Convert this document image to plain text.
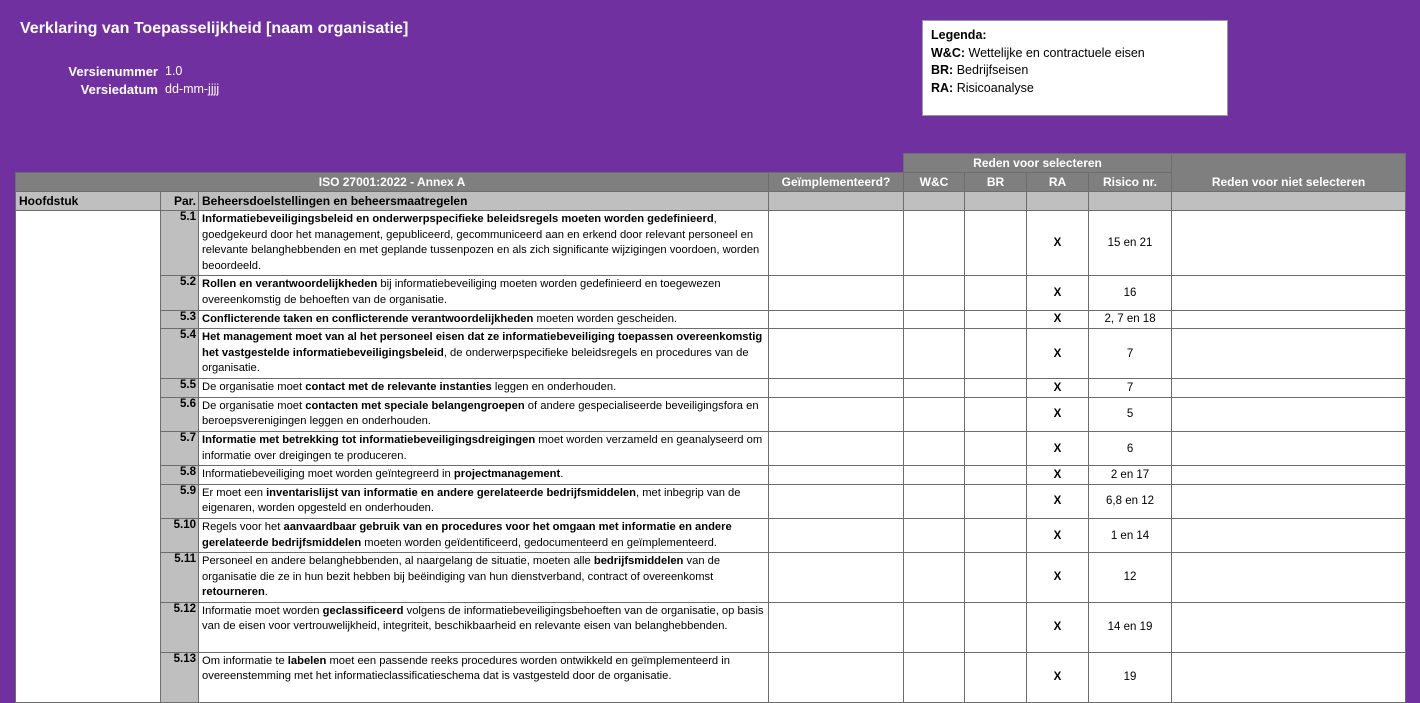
Verklaring van Toepasselijkheid [naam organisatie]
Versienummer 1.0
Versiedatum dd-mm-jjjj
Legenda:
W&C: Wettelijke en contractuele eisen
BR: Bedrijfseisen
RA: Risicoanalyse
				Reden voor selecteren				Reden voor niet selecteren
ISO 27001:2022 - Annex A			Geïmplementeerd?	W&C	BR	RA	Risico nr.	
Hoofdstuk	Par.	Beheersdoelstellingen en beheersmaatregelen						
	5.1	Informatiebeveiligingsbeleid en onderwerpspecifieke beleidsregels moeten worden gedefinieerd, goedgekeurd door het management, gepubliceerd, gecommuniceerd aan en erkend door relevant personeel en relevante belanghebbenden en met geplande tussenpozen en als zich significante wijzigingen voordoen, worden beoordeeld.				X	15 en 21	
	5.2	Rollen en verantwoordelijkheden bij informatiebeveiliging moeten worden gedefinieerd en toegewezen overeenkomstig de behoeften van de organisatie.				X	16	
	5.3	Conflicterende taken en conflicterende verantwoordelijkheden moeten worden gescheiden.				X	2, 7 en 18	
	5.4	Het management moet van al het personeel eisen dat ze informatiebeveiliging toepassen overeenkomstig het vastgestelde informatiebeveiligingsbeleid, de onderwerpspecifieke beleidsregels en procedures van de organisatie.				X	7	
	5.5	De organisatie moet contact met de relevante instanties leggen en onderhouden.				X	7	
	5.6	De organisatie moet contacten met speciale belangengroepen of andere gespecialiseerde beveiligingsfora en beroepsverenigingen leggen en onderhouden.				X	5	
	5.7	Informatie met betrekking tot informatiebeveiligingsdreigingen moet worden verzameld en geanalyseerd om informatie over dreigingen te produceren.				X	6	
	5.8	Informatiebeveiliging moet worden geïntegreerd in projectmanagement.				X	2 en 17	
	5.9	Er moet een inventarislijst van informatie en andere gerelateerde bedrijfsmiddelen, met inbegrip van de eigenaren, worden opgesteld en onderhouden.				X	6,8 en 12	
	5.10	Regels voor het aanvaardbaar gebruik van en procedures voor het omgaan met informatie en andere gerelateerde bedrijfsmiddelen moeten worden geïdentificeerd, gedocumenteerd en geïmplementeerd.				X	1 en 14	
	5.11	Personeel en andere belanghebbenden, al naargelang de situatie, moeten alle bedrijfsmiddelen van de organisatie die ze in hun bezit hebben bij beëindiging van hun dienstverband, contract of overeenkomst retourneren.				X	12	
	5.12	Informatie moet worden geclassificeerd volgens de informatiebeveiligingsbehoeften van de organisatie, op basis van de eisen voor vertrouwelijkheid, integriteit, beschikbaarheid en relevante eisen van belanghebbenden.				X	14 en 19	
	5.13	Om informatie te labelen moet een passende reeks procedures worden ontwikkeld en geïmplementeerd in overeenstemming met het informatieclassificatieschema dat is vastgesteld door de organisatie.				X	19	
